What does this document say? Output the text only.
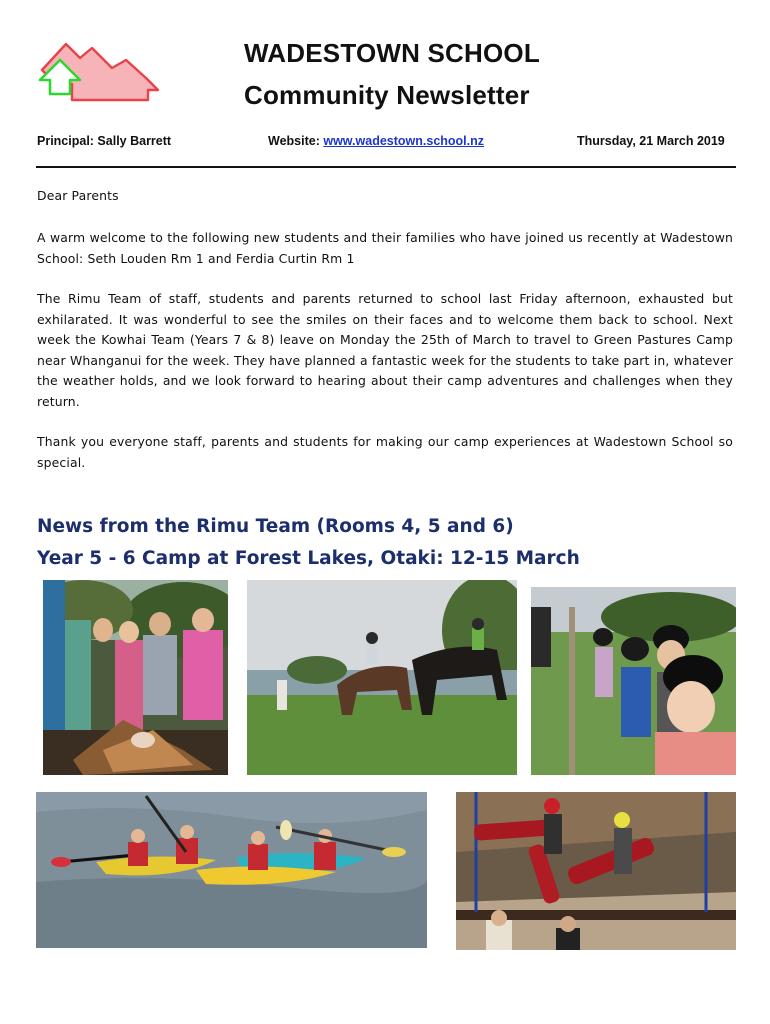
WADESTOWN SCHOOL
Community Newsletter
Principal: Sally Barrett	Website: www.wadestown.school.nz	Thursday, 21 March 2019

Dear Parents

A warm welcome to the following new students and their families who have joined us recently at Wadestown School: Seth Louden Rm 1 and Ferdia Curtin Rm 1

The Rimu Team of staff, students and parents returned to school last Friday afternoon, exhausted but exhilarated. It was wonderful to see the smiles on their faces and to welcome them back to school. Next week the Kowhai Team (Years 7 & 8) leave on Monday the 25th of March to travel to Green Pastures Camp near Whanganui for the week. They have planned a fantastic week for the students to take part in, whatever the weather holds, and we look forward to hearing about their camp adventures and challenges when they return.

Thank you everyone staff, parents and students for making our camp experiences at Wadestown School so special.

News from the Rimu Team (Rooms 4, 5 and 6)
Year 5 - 6 Camp at Forest Lakes, Otaki: 12-15 March
